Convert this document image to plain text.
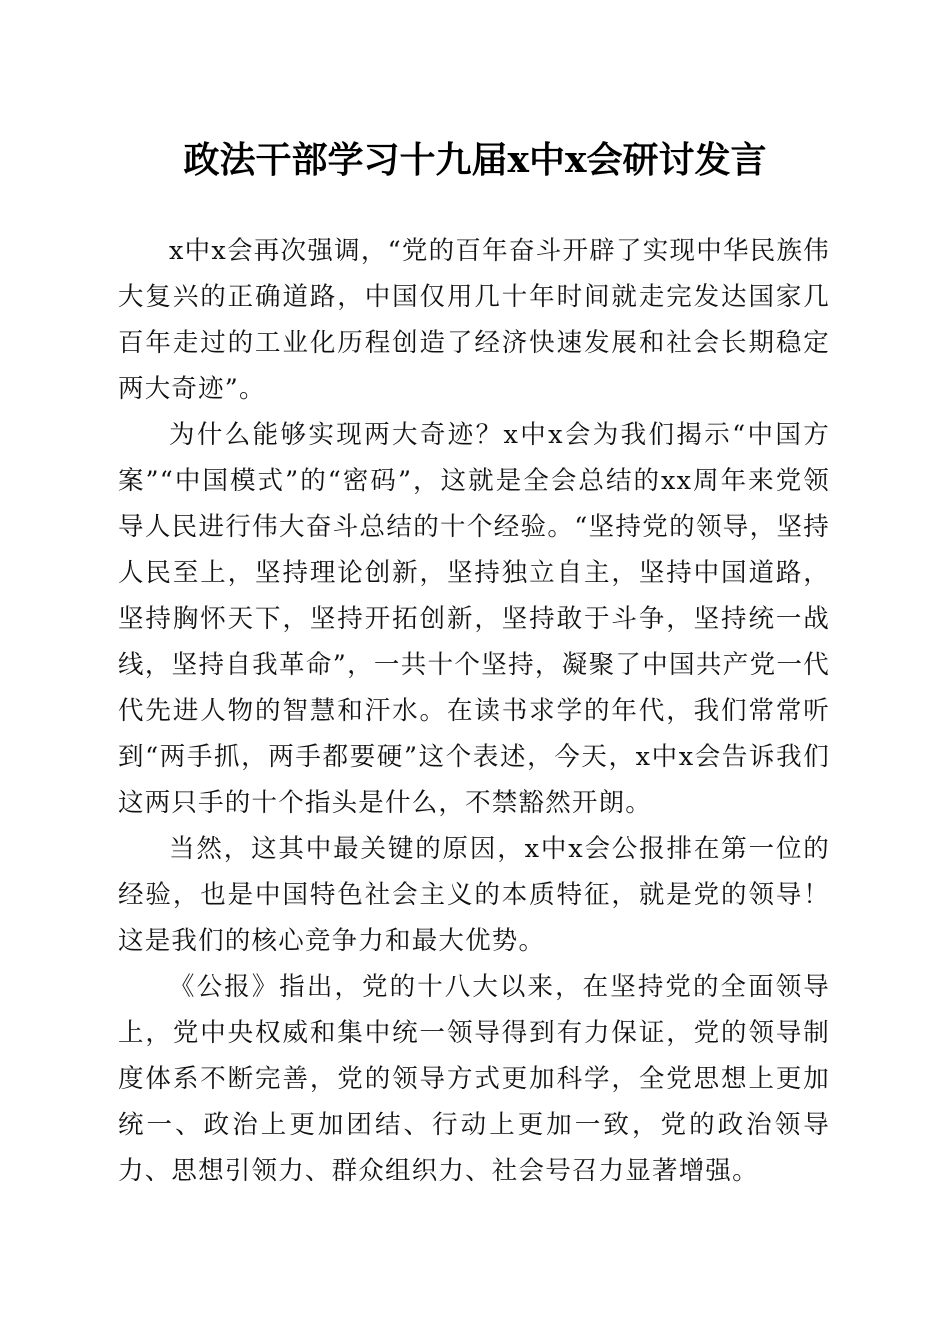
政法干部学习十九届x中x会研讨发言

x中x会再次强调，“党的百年奋斗开辟了实现中华民族伟大复兴的正确道路，中国仅用几十年时间就走完发达国家几百年走过的工业化历程创造了经济快速发展和社会长期稳定两大奇迹”。

为什么能够实现两大奇迹？x中x会为我们揭示“中国方案”“中国模式”的“密码”，这就是全会总结的xx周年来党领导人民进行伟大奋斗总结的十个经验。“坚持党的领导，坚持人民至上，坚持理论创新，坚持独立自主，坚持中国道路，坚持胸怀天下，坚持开拓创新，坚持敢于斗争，坚持统一战线，坚持自我革命”，一共十个坚持，凝聚了中国共产党一代代先进人物的智慧和汗水。在读书求学的年代，我们常常听到“两手抓，两手都要硬”这个表述，今天，x中x会告诉我们这两只手的十个指头是什么，不禁豁然开朗。

当然，这其中最关键的原因，x中x会公报排在第一位的经验，也是中国特色社会主义的本质特征，就是党的领导！这是我们的核心竞争力和最大优势。

《公报》指出，党的十八大以来，在坚持党的全面领导上，党中央权威和集中统一领导得到有力保证，党的领导制度体系不断完善，党的领导方式更加科学，全党思想上更加统一、政治上更加团结、行动上更加一致，党的政治领导力、思想引领力、群众组织力、社会号召力显著增强。
